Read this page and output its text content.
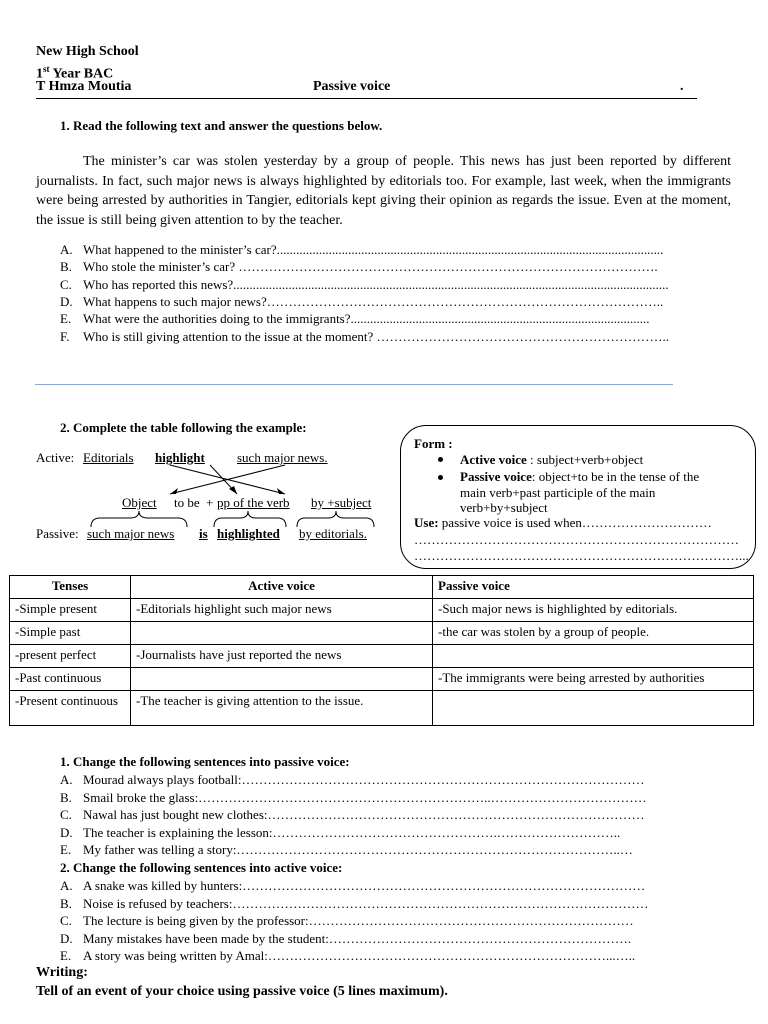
New High School
1st Year BAC
T Hmza Moutia	Passive voice	.
1. Read the following text and answer the questions below.
The minister’s car was stolen yesterday by a group of people. This news has just been reported by different journalists. In fact, such major news is always highlighted by editorials too. For example, last week, when the immigrants were being arrested by authorities in Tangier, editorials kept giving their opinion as regards the issue. Even at the moment, the issue is still being given attention to by the teacher.
A. What happened to the minister’s car?.......................................................................................................................
B. Who stole the minister’s car? …………………………………………………………………………………….
C. Who has reported this news?......................................................................................................................................
D. What happens to such major news?………………………………………………………………………………..
E. What were the authorities doing to the immigrants?............................................................................................
F. Who is still giving attention to the issue at the moment? …………………………………………………………..
2. Complete the table following the example:
Active: Editorials highlight such major news.
Object to be + pp of the verb by +subject
Passive: such major news is highlighted by editorials.
Form :
Active voice : subject+verb+object
Passive voice: object+to be in the tense of the
main verb+past participle of the main
verb+by+subject
Use: passive voice is used when…………………………
…………………………………………………………………
…………………………………………………………………...
Tenses	Active voice	Passive voice
-Simple present	-Editorials highlight such major news	-Such major news is highlighted by editorials.
-Simple past		-the car was stolen by a group of people.
-present perfect	-Journalists have just reported the news	
-Past continuous		-The immigrants were being arrested by authorities
-Present continuous	-The teacher is giving attention to the issue.	
1. Change the following sentences into passive voice:
A. Mourad always plays football:…………………………………………………………………………………
B. Smail broke the glass:…………………………………………………………..………………………………
C. Nawal has just bought new clothes:……………………………………………………………………………
D. The teacher is explaining the lesson:…………………………………………….………………………..
E. My father was telling a story:……………………………………………………………………………..…
2. Change the following sentences into active voice:
A. A snake was killed by hunters:…………………………………………………………………………………
B. Noise is refused by teachers:……………………………………………………………………………………
C. The lecture is being given by the professor:…………………………………………………………………
D. Many mistakes have been made by the student:…………………………………………………………….
E. A story was being written by Amal:……………………………………………………………………...…..
Writing:
Tell of an event of your choice using passive voice (5 lines maximum).
